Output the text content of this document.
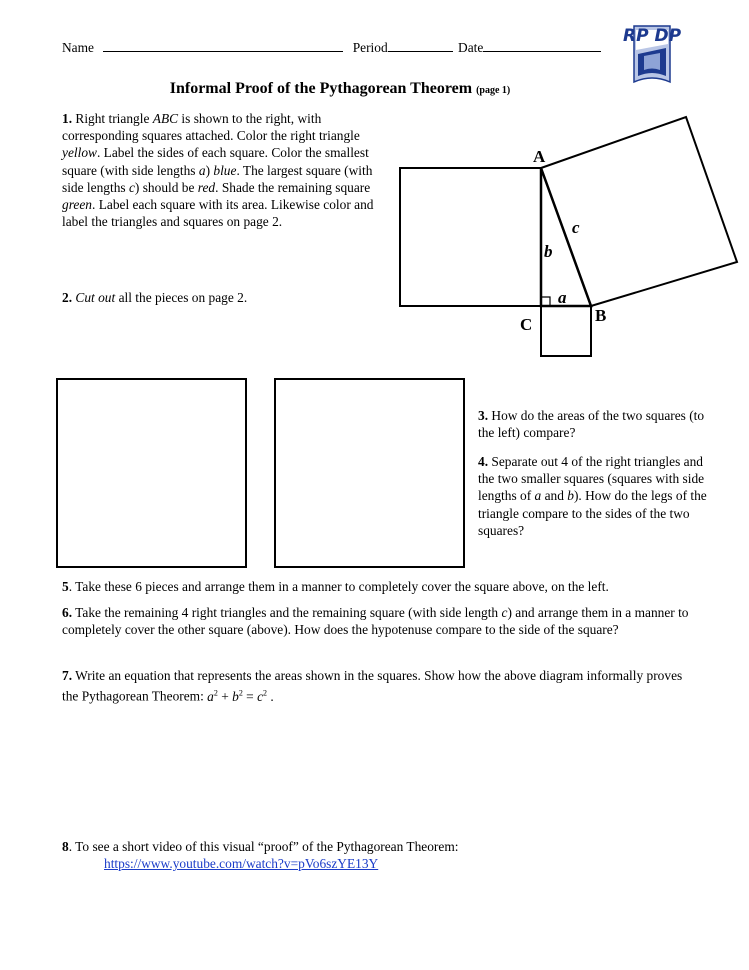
Name	Period	Date
RP DP
Informal Proof of the Pythagorean Theorem (page 1)
1. Right triangle ABC is shown to the right, with corresponding squares attached. Color the right triangle yellow. Label the sides of each square. Color the smallest square (with side lengths a) blue. The largest square (with side lengths c) should be red. Shade the remaining square green. Label each square with its area. Likewise color and label the triangles and squares on page 2.
2. Cut out all the pieces on page 2.
A
B
C
a
b
c
3. How do the areas of the two squares (to the left) compare?
4. Separate out 4 of the right triangles and the two smaller squares (squares with side lengths of a and b). How do the legs of the triangle compare to the sides of the two squares?
5. Take these 6 pieces and arrange them in a manner to completely cover the square above, on the left.
6. Take the remaining 4 right triangles and the remaining square (with side length c) and arrange them in a manner to completely cover the other square (above). How does the hypotenuse compare to the side of the square?
7. Write an equation that represents the areas shown in the squares. Show how the above diagram informally proves the Pythagorean Theorem: $a^2 + b^2 = c^2$ .
8. To see a short video of this visual “proof” of the Pythagorean Theorem:
https://www.youtube.com/watch?v=pVo6szYE13Y
